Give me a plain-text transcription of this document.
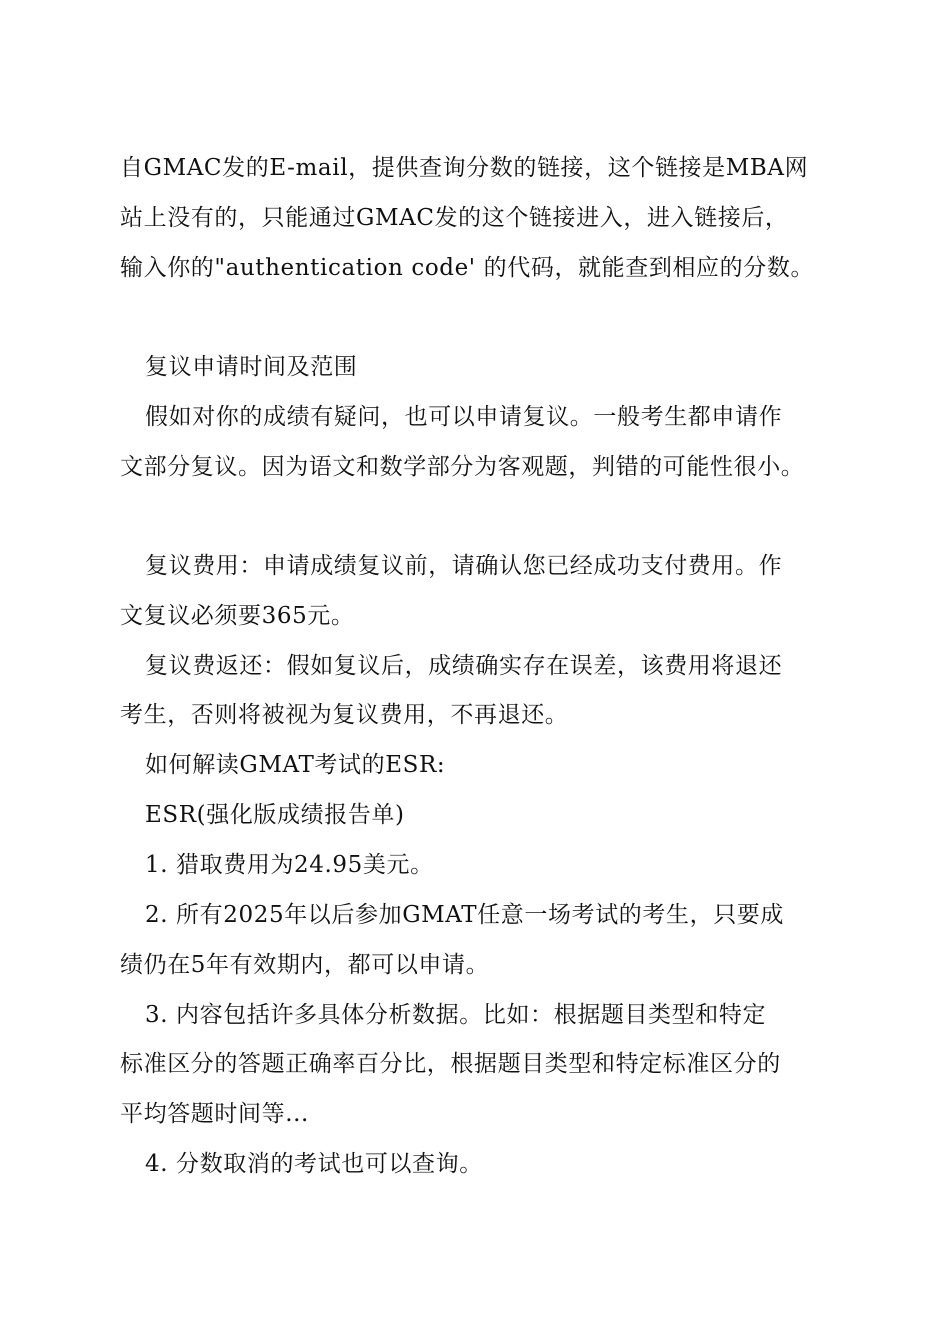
自GMAC发的E-mail，提供查询分数的链接，这个链接是MBA网
站上没有的，只能通过GMAC发的这个链接进入，进入链接后，
输入你的"authentication code' 的代码，就能查到相应的分数。
复议申请时间及范围
假如对你的成绩有疑问，也可以申请复议。一般考生都申请作
文部分复议。因为语文和数学部分为客观题，判错的可能性很小。
复议费用：申请成绩复议前，请确认您已经成功支付费用。作
文复议必须要365元。
复议费返还：假如复议后，成绩确实存在误差，该费用将退还
考生，否则将被视为复议费用，不再退还。
如何解读GMAT考试的ESR:
ESR(强化版成绩报告单)
1. 猎取费用为24.95美元。
2. 所有2025年以后参加GMAT任意一场考试的考生，只要成
绩仍在5年有效期内，都可以申请。
3. 内容包括许多具体分析数据。比如：根据题目类型和特定
标准区分的答题正确率百分比，根据题目类型和特定标准区分的
平均答题时间等...
4. 分数取消的考试也可以查询。
